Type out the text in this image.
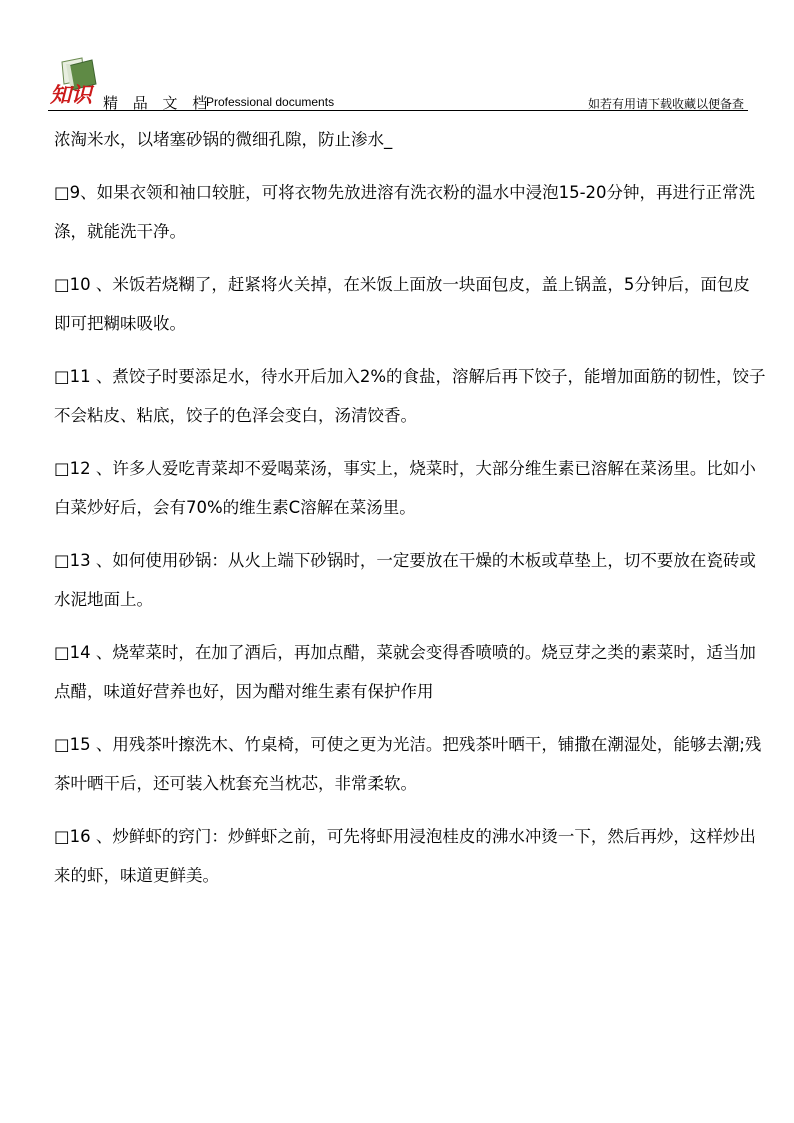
知识 精 品 文 档
Professional documents	如若有用请下载收藏以便备查

浓淘米水，以堵塞砂锅的微细孔隙，防止渗水_

□9、如果衣领和袖口较脏，可将衣物先放进溶有洗衣粉的温水中浸泡15-20分钟，再进行正常洗涤，就能洗干净。

□10 、米饭若烧糊了，赶紧将火关掉，在米饭上面放一块面包皮，盖上锅盖，5分钟后，面包皮即可把糊味吸收。

□11 、煮饺子时要添足水，待水开后加入2%的食盐，溶解后再下饺子，能增加面筋的韧性，饺子不会粘皮、粘底，饺子的色泽会变白，汤清饺香。

□12 、许多人爱吃青菜却不爱喝菜汤，事实上，烧菜时，大部分维生素已溶解在菜汤里。比如小白菜炒好后，会有70%的维生素C溶解在菜汤里。

□13 、如何使用砂锅：从火上端下砂锅时，一定要放在干燥的木板或草垫上，切不要放在瓷砖或水泥地面上。

□14 、烧荤菜时，在加了酒后，再加点醋，菜就会变得香喷喷的。烧豆芽之类的素菜时，适当加点醋，味道好营养也好，因为醋对维生素有保护作用

□15 、用残茶叶擦洗木、竹桌椅，可使之更为光洁。把残茶叶晒干，铺撒在潮湿处，能够去潮;残茶叶晒干后，还可装入枕套充当枕芯，非常柔软。

□16 、炒鲜虾的窍门：炒鲜虾之前，可先将虾用浸泡桂皮的沸水冲烫一下，然后再炒，这样炒出来的虾，味道更鲜美。
